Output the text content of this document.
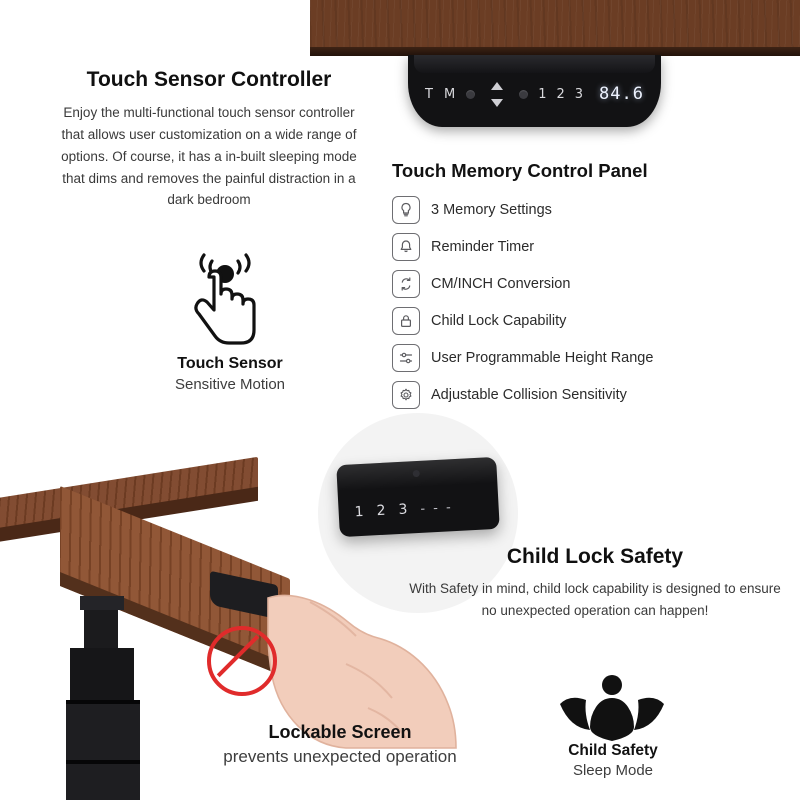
T M	1 2 3 84.6
Touch Sensor Controller
Enjoy the multi-functional touch sensor controller that allows user customization on a wide range of options. Of course, it has a in-built sleeping mode that dims and removes the painful distraction in a dark bedroom
Touch Sensor
Sensitive Motion
Touch Memory Control Panel
3 Memory Settings
Reminder Timer
CM/INCH Conversion
Child Lock Capability
User Programmable Height Range
Adjustable Collision Sensitivity
1 2 3 - - -
Child Lock Safety
With Safety in mind, child lock capability is designed to ensure no unexpected operation can happen!
Lockable Screen
prevents unexpected operation	Child Safety
Sleep Mode
